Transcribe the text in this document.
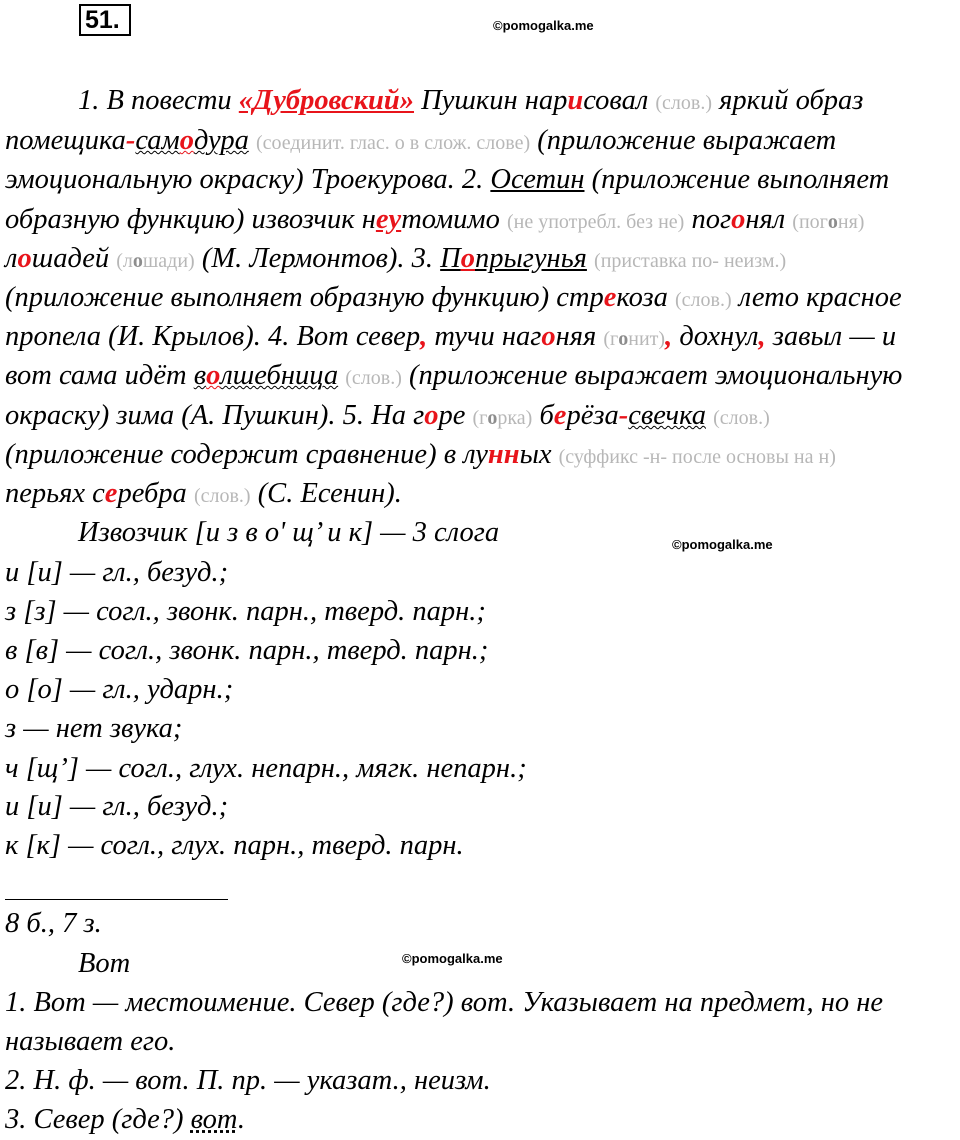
51.	©pomogalka.me
©pomogalka.me
©pomogalka.me
1. В повести «Дубровский» Пушкин нарисовал (слов.) яркий образ
помещика-самодура (соединит. глас. о в слож. слове) (приложение выражает
эмоциональную окраску) Троекурова. 2. Осетин (приложение выполняет
образную функцию) извозчик неутомимо (не употребл. без не) погонял (погоня)
лошадей (лошади) (М. Лермонтов). 3. Попрыгунья (приставка по- неизм.)
(приложение выполняет образную функцию) стрекоза (слов.) лето красное
пропела (И. Крылов). 4. Вот север, тучи нагоняя (гонит), дохнул, завыл — и
вот сама идёт волшебница (слов.) (приложение выражает эмоциональную
окраску) зима (А. Пушкин). 5. На горе (горка) берёза-свечка (слов.)
(приложение содержит сравнение) в лунных (суффикс -н- после основы на н)
перьях серебра (слов.) (С. Есенин).
Извозчик [и з в о' щ’ и к] — 3 слога
и [и] — гл., безуд.;
з [з] — согл., звонк. парн., тверд. парн.;
в [в] — согл., звонк. парн., тверд. парн.;
о [о] — гл., ударн.;
з — нет звука;
ч [щ’] — согл., глух. непарн., мягк. непарн.;
и [и] — гл., безуд.;
к [к] — согл., глух. парн., тверд. парн.
8 б., 7 з.
Вот
1. Вот — местоимение. Север (где?) вот. Указывает на предмет, но не
называет его.
2. Н. ф. — вот. П. пр. — указат., неизм.
3. Север (где?) вот.
